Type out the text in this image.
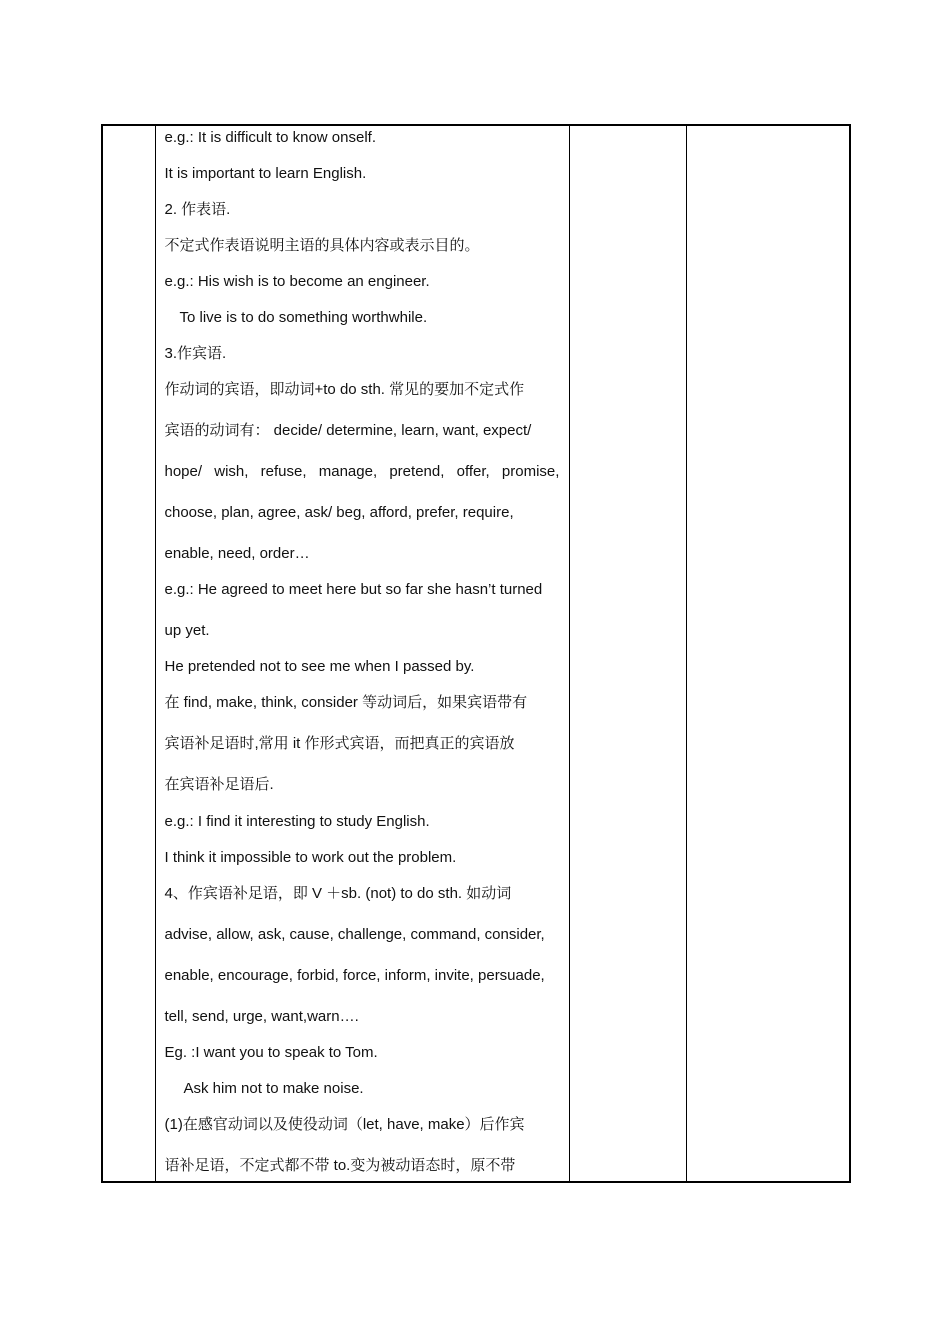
e.g.: It is difficult to know onself.

It is important to learn English.

2. 作表语.

不定式作表语说明主语的具体内容或表示目的。

e.g.: His wish is to become an engineer.

To live is to do something worthwhile.

3.作宾语.

作动词的宾语，即动词+to do sth. 常见的要加不定式作

宾语的动词有： decide/ determine, learn, want, expect/

hope/ wish, refuse, manage, pretend, offer, promise,

choose, plan, agree, ask/ beg, afford, prefer, require,

enable, need, order…

e.g.: He agreed to meet here but so far she hasn’t turned

up yet.

He pretended not to see me when I passed by.

在 find, make, think, consider 等动词后，如果宾语带有

宾语补足语时,常用 it 作形式宾语，而把真正的宾语放

在宾语补足语后.

e.g.: I find it interesting to study English.

I think it impossible to work out the problem.

4、作宾语补足语，即 V ＋sb. (not) to do sth. 如动词

advise, allow, ask, cause, challenge, command, consider,

enable, encourage, forbid, force, inform, invite, persuade,

tell, send, urge, want,warn….

Eg. :I want you to speak to Tom.

Ask him not to make noise.

(1)在感官动词以及使役动词（let, have, make）后作宾

语补足语，不定式都不带 to.变为被动语态时，原不带
